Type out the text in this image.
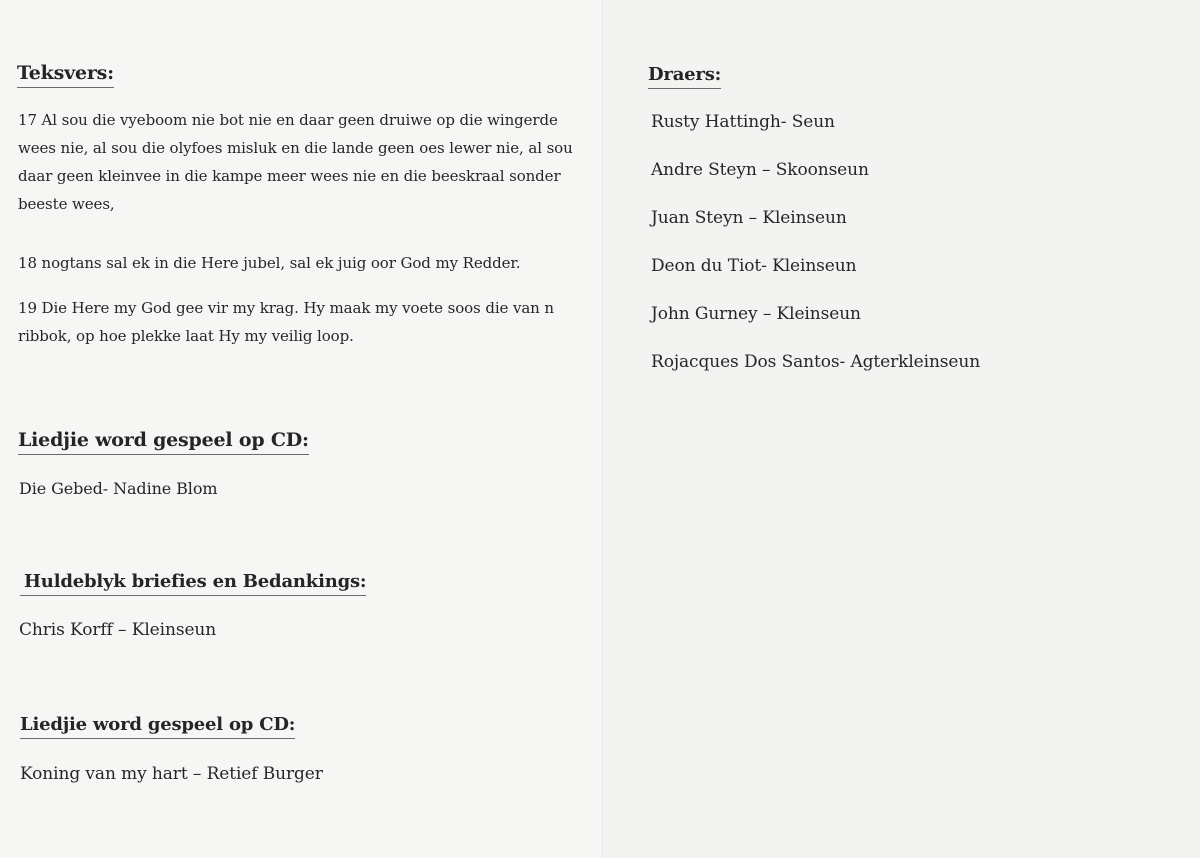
Teksvers:

17 Al sou die vyeboom nie bot nie en daar geen druiwe op die wingerde wees nie, al sou die olyfoes misluk en die lande geen oes lewer nie, al sou daar geen kleinvee in die kampe meer wees nie en die beeskraal sonder beeste wees,

18 nogtans sal ek in die Here jubel, sal ek juig oor God my Redder.

19 Die Here my God gee vir my krag. Hy maak my voete soos die van n ribbok, op hoe plekke laat Hy my veilig loop.

Liedjie word gespeel op CD:

Die Gebed- Nadine Blom

Huldeblyk briefies en Bedankings:

Chris Korff – Kleinseun

Liedjie word gespeel op CD:

Koning van my hart – Retief Burger

Draers:

Rusty Hattingh- Seun

Andre Steyn – Skoonseun

Juan Steyn – Kleinseun

Deon du Tiot- Kleinseun

John Gurney – Kleinseun

Rojacques Dos Santos- Agterkleinseun
